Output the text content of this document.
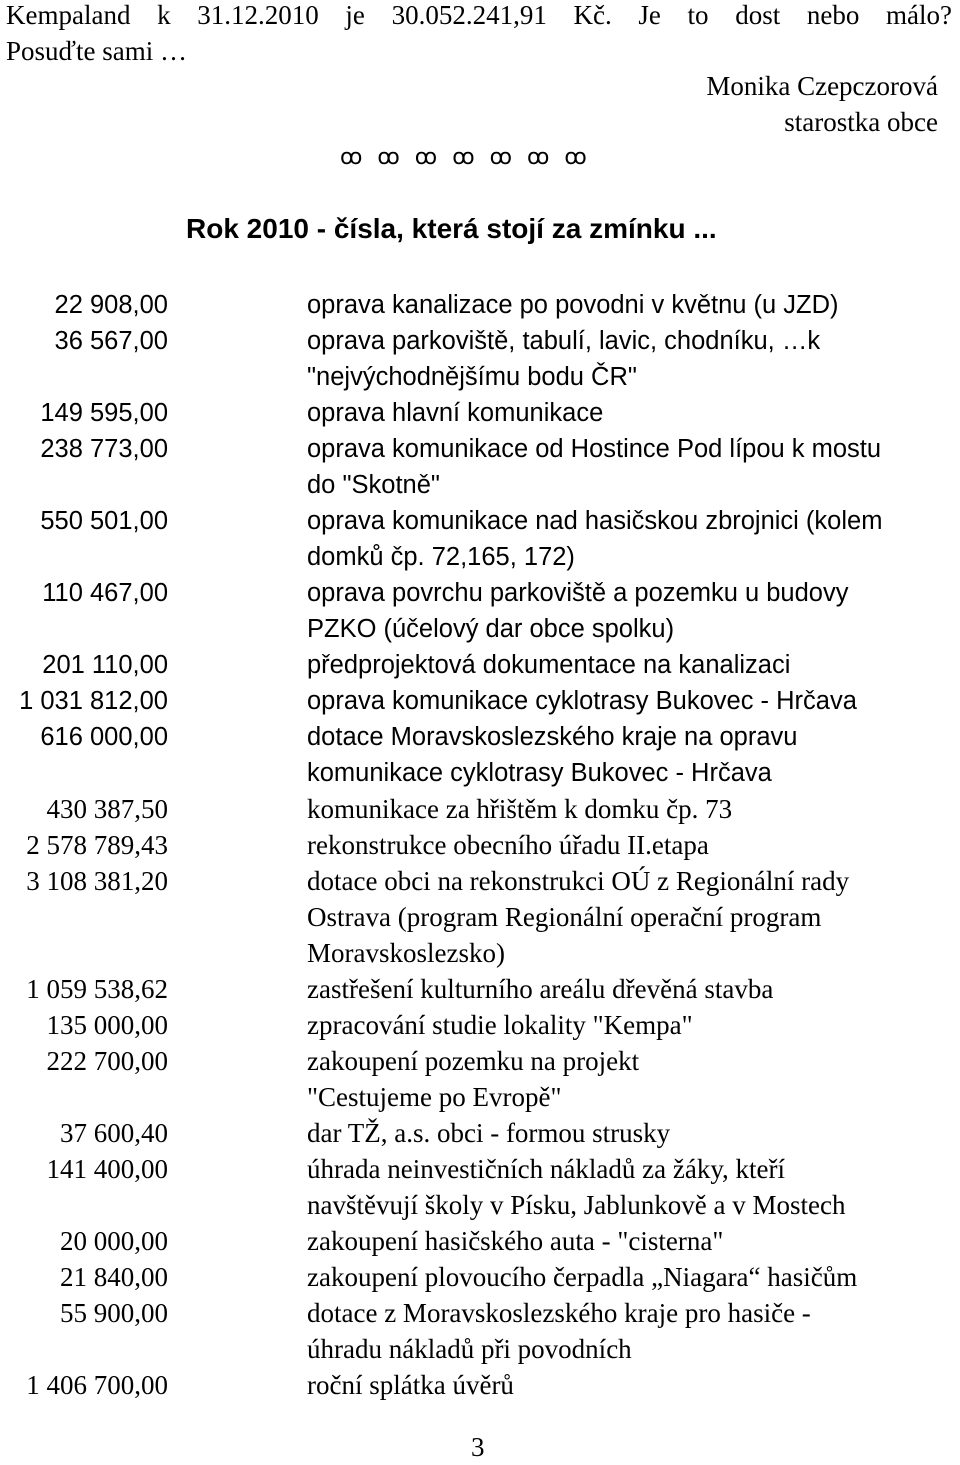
Kempaland k 31.12.2010 je 30.052.241,91 Kč. Je to dost nebo málo?
Posuďte sami …
Monika Czepczorová
starostka obce
ꝏ ꝏ ꝏ ꝏ ꝏ ꝏ ꝏ
Rok 2010 - čísla, která stojí za zmínku ...
22 908,00	oprava kanalizace po povodni v květnu (u JZD)
36 567,00	oprava parkoviště, tabulí, lavic, chodníku, …k
"nejvýchodnějšímu bodu ČR"
149 595,00	oprava hlavní komunikace
238 773,00	oprava komunikace od Hostince Pod lípou k mostu
do "Skotně"
550 501,00	oprava komunikace nad hasičskou zbrojnici (kolem
domků čp. 72,165, 172)
110 467,00	oprava povrchu parkoviště a pozemku u budovy
PZKO (účelový dar obce spolku)
201 110,00	předprojektová dokumentace na kanalizaci
1 031 812,00	oprava komunikace cyklotrasy Bukovec - Hrčava
616 000,00	dotace Moravskoslezského kraje na opravu
komunikace cyklotrasy Bukovec - Hrčava
430 387,50	komunikace za hřištěm k domku čp. 73
2 578 789,43	rekonstrukce obecního úřadu II.etapa
3 108 381,20	dotace obci na rekonstrukci OÚ z Regionální rady
Ostrava (program Regionální operační program
Moravskoslezsko)
1 059 538,62	zastřešení kulturního areálu dřevěná stavba
135 000,00	zpracování studie lokality "Kempa"
222 700,00	zakoupení pozemku na projekt
"Cestujeme po Evropě"
37 600,40	dar TŽ, a.s. obci - formou strusky
141 400,00	úhrada neinvestičních nákladů za žáky, kteří
navštěvují školy v Písku, Jablunkově a v Mostech
20 000,00	zakoupení hasičského auta - "cisterna"
21 840,00	zakoupení plovoucího čerpadla „Niagara“ hasičům
55 900,00	dotace z Moravskoslezského kraje pro hasiče -
úhradu nákladů při povodních
1 406 700,00	roční splátka úvěrů
3
